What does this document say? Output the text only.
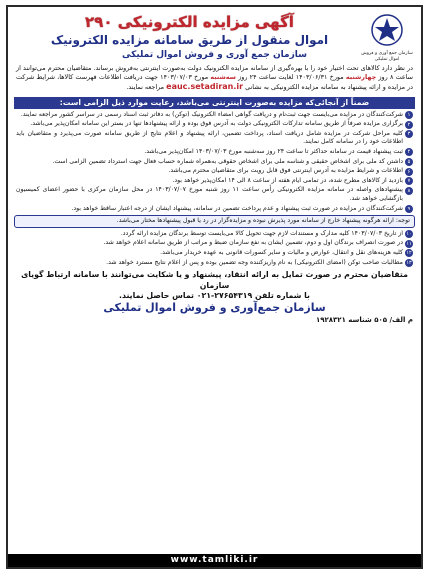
سازمان جمع آوری و فروش اموال تملیکی
آگهی مزایده الکترونیکی ۲۹۰
اموال منقول از طریق سامانه مزایده الکترونیک
سازمان جمع آوری و فروش اموال تملیکی
در نظر دارد کالاهای تحت اختیار خود را با بهره‌گیری از سامانه مزایده الکترونیک دولت به‌صورت اینترنتی به‌فروش برساند. متقاضیان محترم می‌توانند از ساعت ۸ روز چهارشنبه مورخ ۱۴۰۳/۰۶/۳۱ لغایت ساعت ۲۴ روز سه‌شنبه مورخ ۱۴۰۳/۰۷/۰۳ جهت دریافت اطلاعات فهرست کالاها، شرایط شرکت در مزایده و ارائه پیشنهاد به سامانه مزایده الکترونیکی به نشانی eauc.setadiran.ir مراجعه نمایند.
ضمناً از آنجائی‌که مزایده به‌صورت اینترنتی می‌باشد، رعایت موارد ذیل الزامی است:
۱
شرکت‌کنندگان در مزایده می‌بایست جهت ثبت‌نام و دریافت گواهی امضاء الکترونیک (توکن) به دفاتر ثبت اسناد رسمی در سراسر کشور مراجعه نمایند.
۲
برگزاری مزایده صرفاً از طریق سامانه تدارکات الکترونیکی دولت به آدرس فوق بوده و ارائه پیشنهادها تنها در بستر این سامانه امکان‌پذیر می‌باشد.
۳
کلیه مراحل شرکت در مزایده شامل دریافت اسناد، پرداخت تضمین، ارائه پیشنهاد و اعلام نتایج از طریق سامانه صورت می‌پذیرد و متقاضیان باید اطلاعات خود را در سامانه کامل نمایند.
۴
ثبت پیشنهاد قیمت در سامانه حداکثر تا ساعت ۲۴ روز سه‌شنبه مورخ ۱۴۰۳/۰۷/۰۳ امکان‌پذیر می‌باشد.
۵
داشتن کد ملی برای اشخاص حقیقی و شناسه ملی برای اشخاص حقوقی به‌همراه شماره حساب فعال جهت استرداد تضمین الزامی است.
۶
اطلاعات و شرایط مزایده به آدرس اینترنتی فوق قابل رویت برای متقاضیان محترم می‌باشد.
۷
بازدید از کالاهای مطرح شده، در تمامی ایام هفته از ساعت ۸ الی ۱۴ امکان‌پذیر خواهد بود.
۸
پیشنهادهای واصله در سامانه مزایده الکترونیکی رأس ساعت ۱۱ روز شنبه مورخ ۱۴۰۳/۰۷/۰۷ در محل سازمان مرکزی با حضور اعضای کمیسیون بازگشایی خواهد شد.
۹
شرکت‌کنندگان در مزایده در صورت ثبت پیشنهاد و عدم پرداخت تضمین در سامانه، پیشنهاد ایشان از درجه اعتبار ساقط خواهد بود.
توجه: ارائه هرگونه پیشنهاد خارج از سامانه مورد پذیرش نبوده و مزایده‌گزار در رد یا قبول پیشنهادها مختار می‌باشد.
۱۰
از تاریخ ۱۴۰۳/۰۷/۰۳ کلیه مدارک و مستندات لازم جهت تحویل کالا می‌بایست توسط برندگان مزایده ارائه گردد.
۱۱
در صورت انصراف برندگان اول و دوم، تضمین ایشان به نفع سازمان ضبط و مراتب از طریق سامانه اعلام خواهد شد.
۱۲
کلیه هزینه‌های نقل و انتقال، عوارض و مالیات و سایر کسورات قانونی به عهده خریدار می‌باشد.
۱۳
مطالبات صاحب توکن (امضای الکترونیکی) به نام واریزکننده وجه تضمین بوده و پس از اعلام نتایج مسترد خواهد شد.
متقاضیان محترم در صورت تمایل به ارائه انتقاد، پیشنهاد و یا شکایت می‌توانند با سامانه ارتباط گویای سازمان
با شماره تلفن ۲۷۶۵۴۳۱۹-۰۲۱ تماس حاصل نمایند.
سازمان جمع‌آوری و فروش اموال تملیکی
م الف/ ۵۰۵ شناسه ۱۹۲۸۳۲۱
www.tamliki.ir
